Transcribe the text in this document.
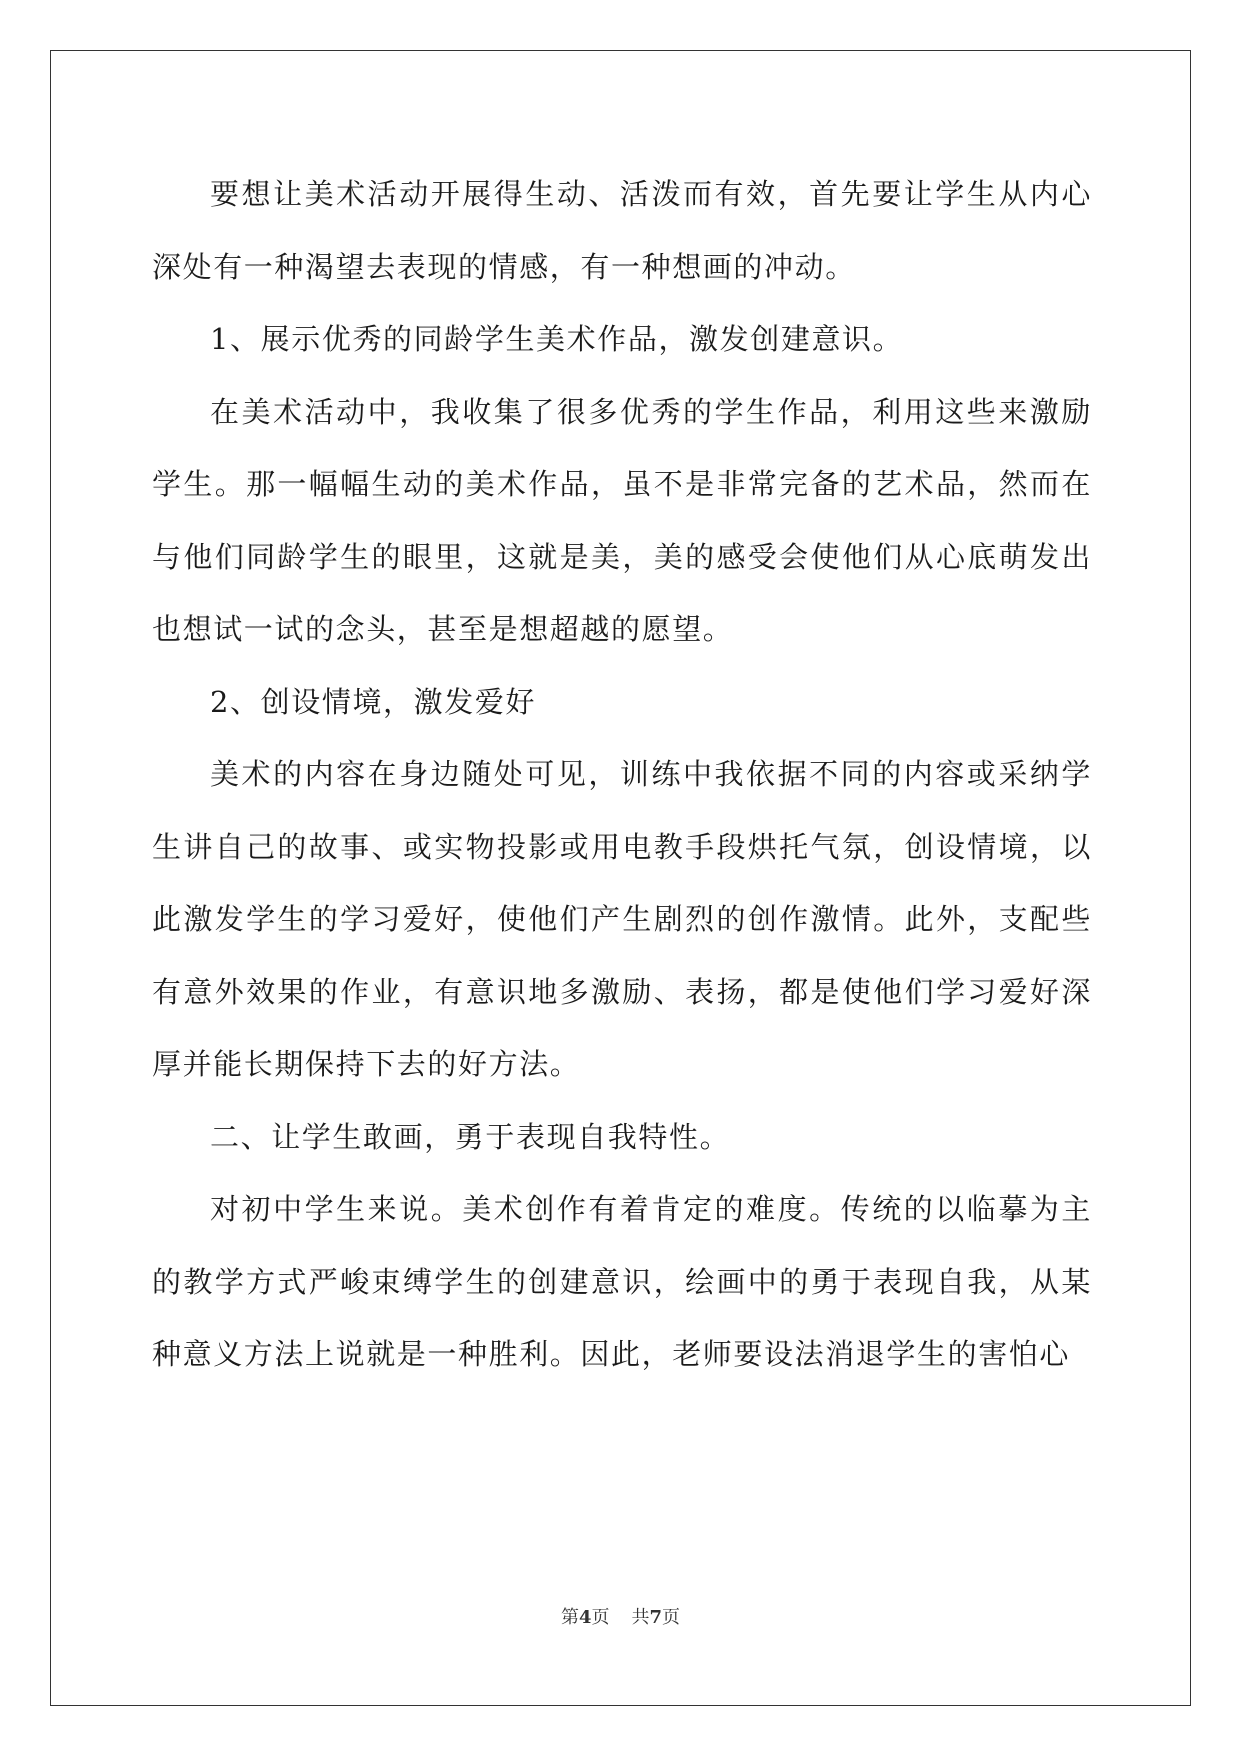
要想让美术活动开展得生动、活泼而有效，首先要让学生从内心深处有一种渴望去表现的情感，有一种想画的冲动。

1、展示优秀的同龄学生美术作品，激发创建意识。

在美术活动中，我收集了很多优秀的学生作品，利用这些来激励学生。那一幅幅生动的美术作品，虽不是非常完备的艺术品，然而在与他们同龄学生的眼里，这就是美，美的感受会使他们从心底萌发出也想试一试的念头，甚至是想超越的愿望。

2、创设情境，激发爱好

美术的内容在身边随处可见，训练中我依据不同的内容或采纳学生讲自己的故事、或实物投影或用电教手段烘托气氛，创设情境，以此激发学生的学习爱好，使他们产生剧烈的创作激情。此外，支配些有意外效果的作业，有意识地多激励、表扬，都是使他们学习爱好深厚并能长期保持下去的好方法。

二、让学生敢画，勇于表现自我特性。

对初中学生来说。美术创作有着肯定的难度。传统的以临摹为主的教学方式严峻束缚学生的创建意识，绘画中的勇于表现自我，从某种意义方法上说就是一种胜利。因此，老师要设法消退学生的害怕心

第4页 共7页
